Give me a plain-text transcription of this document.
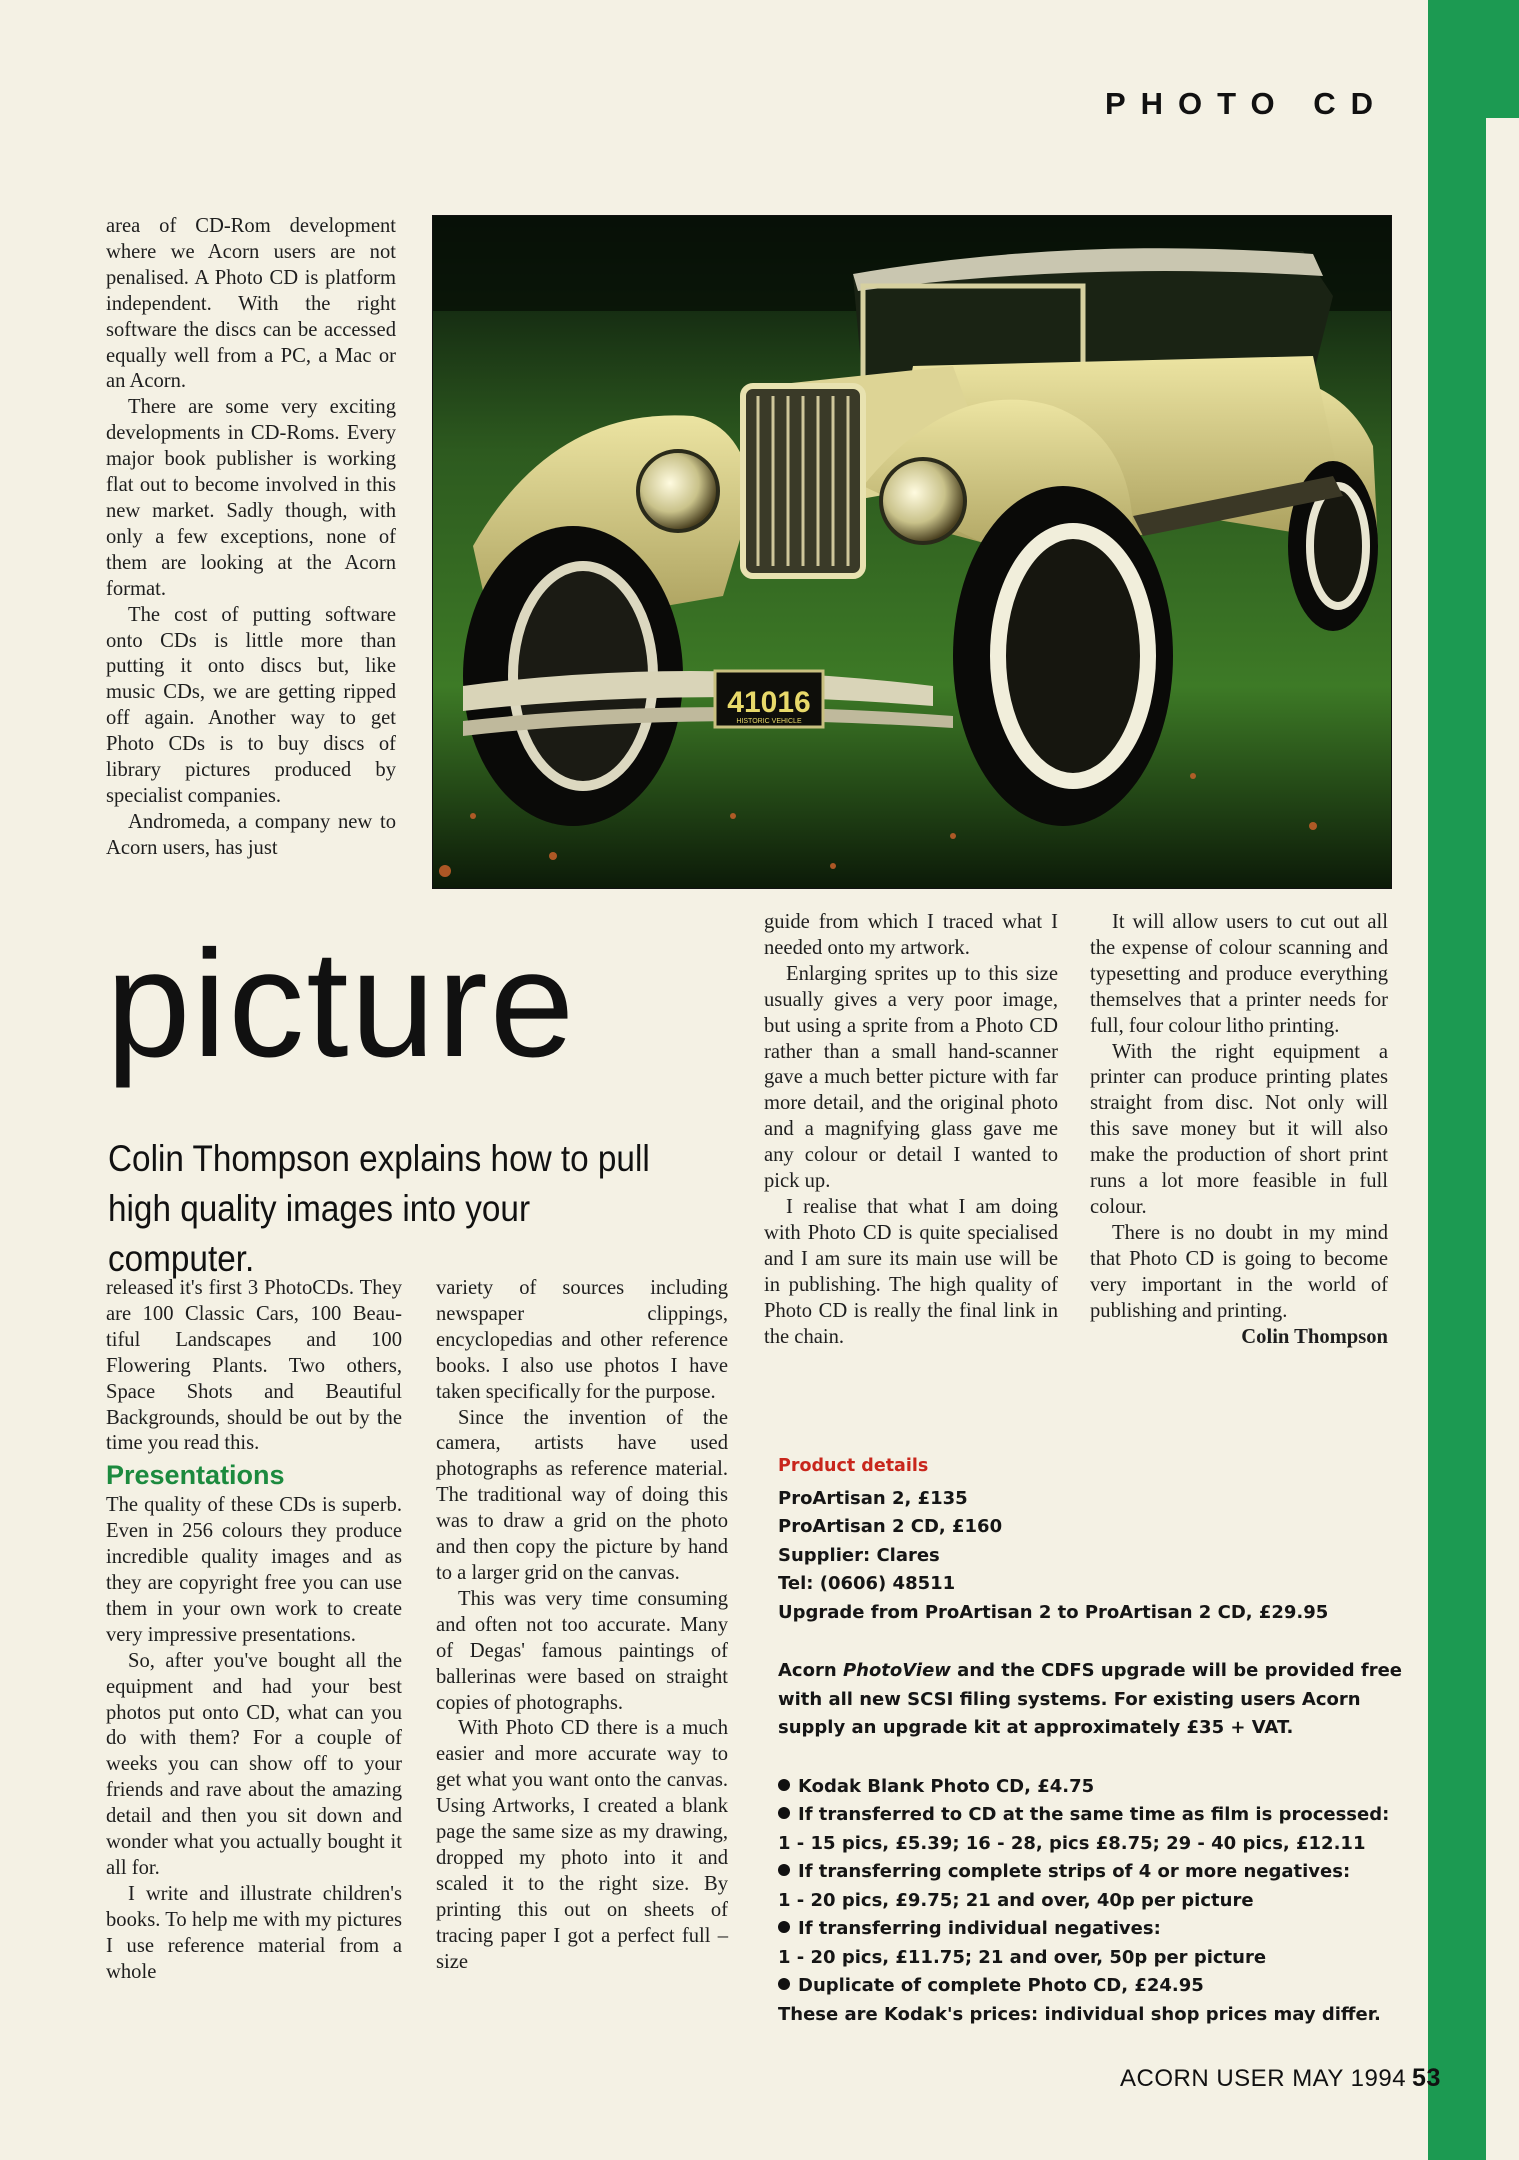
PHOTO CD

area of CD-Rom development where we Acorn users are not penalised. A Photo CD is platform independent. With the right software the discs can be accessed equally well from a PC, a Mac or an Acorn.

There are some very exciting developments in CD-Roms. Every major book publisher is working flat out to become involved in this new market. Sadly though, with only a few exceptions, none of them are looking at the Acorn format.

The cost of putting software onto CDs is little more than putting it onto discs but, like music CDs, we are getting ripped off again. Another way to get Photo CDs is to buy discs of library pictures produced by specialist companies.

Andromeda, a company new to Acorn users, has just

41016
HISTORIC VEHICLE
picture
Colin Thompson explains how to pull high quality images into your computer.

released it's first 3 PhotoCDs. They are 100 Classic Cars, 100 Beau-tiful Landscapes and 100 Flowering Plants. Two others, Space Shots and Beautiful Backgrounds, should be out by the time you read this.

Presentations

The quality of these CDs is superb. Even in 256 colours they produce incredible quality images and as they are copyright free you can use them in your own work to create very impressive presentations.

So, after you've bought all the equipment and had your best photos put onto CD, what can you do with them? For a couple of weeks you can show off to your friends and rave about the amazing detail and then you sit down and wonder what you actually bought it all for.

I write and illustrate children's books. To help me with my pictures I use reference material from a whole

variety of sources including newspaper clippings, encyclopedias and other reference books. I also use photos I have taken specifically for the purpose.

Since the invention of the camera, artists have used photographs as reference material. The traditional way of doing this was to draw a grid on the photo and then copy the picture by hand to a larger grid on the canvas.

This was very time consuming and often not too accurate. Many of Degas' famous paintings of ballerinas were based on straight copies of photographs.

With Photo CD there is a much easier and more accurate way to get what you want onto the canvas. Using Artworks, I created a blank page the same size as my drawing, dropped my photo into it and scaled it to the right size. By printing this out on sheets of tracing paper I got a perfect full – size

guide from which I traced what I needed onto my artwork.

Enlarging sprites up to this size usually gives a very poor image, but using a sprite from a Photo CD rather than a small hand-scanner gave a much better picture with far more detail, and the original photo and a magnifying glass gave me any colour or detail I wanted to pick up.

I realise that what I am doing with Photo CD is quite specialised and I am sure its main use will be in publishing. The high quality of Photo CD is really the final link in the chain.

It will allow users to cut out all the expense of colour scanning and typesetting and produce everything themselves that a printer needs for full, four colour litho printing.

With the right equipment a printer can produce printing plates straight from disc. Not only will this save money but it will also make the production of short print runs a lot more feasible in full colour.

There is no doubt in my mind that Photo CD is going to become very important in the world of publishing and printing.

Colin Thompson

Product details
ProArtisan 2, £135
ProArtisan 2 CD, £160
Supplier: Clares
Tel: (0606) 48511
Upgrade from ProArtisan 2 to ProArtisan 2 CD, £29.95
Acorn PhotoView and the CDFS upgrade will be provided free with all new SCSI filing systems. For existing users Acorn supply an upgrade kit at approximately £35 + VAT.
Kodak Blank Photo CD, £4.75
If transferred to CD at the same time as film is processed:
1 - 15 pics, £5.39; 16 - 28, pics £8.75; 29 - 40 pics, £12.11
If transferring complete strips of 4 or more negatives:
1 - 20 pics, £9.75; 21 and over, 40p per picture
If transferring individual negatives:
1 - 20 pics, £11.75; 21 and over, 50p per picture
Duplicate of complete Photo CD, £24.95
These are Kodak's prices: individual shop prices may differ.
ACORN USER MAY 1994 53
